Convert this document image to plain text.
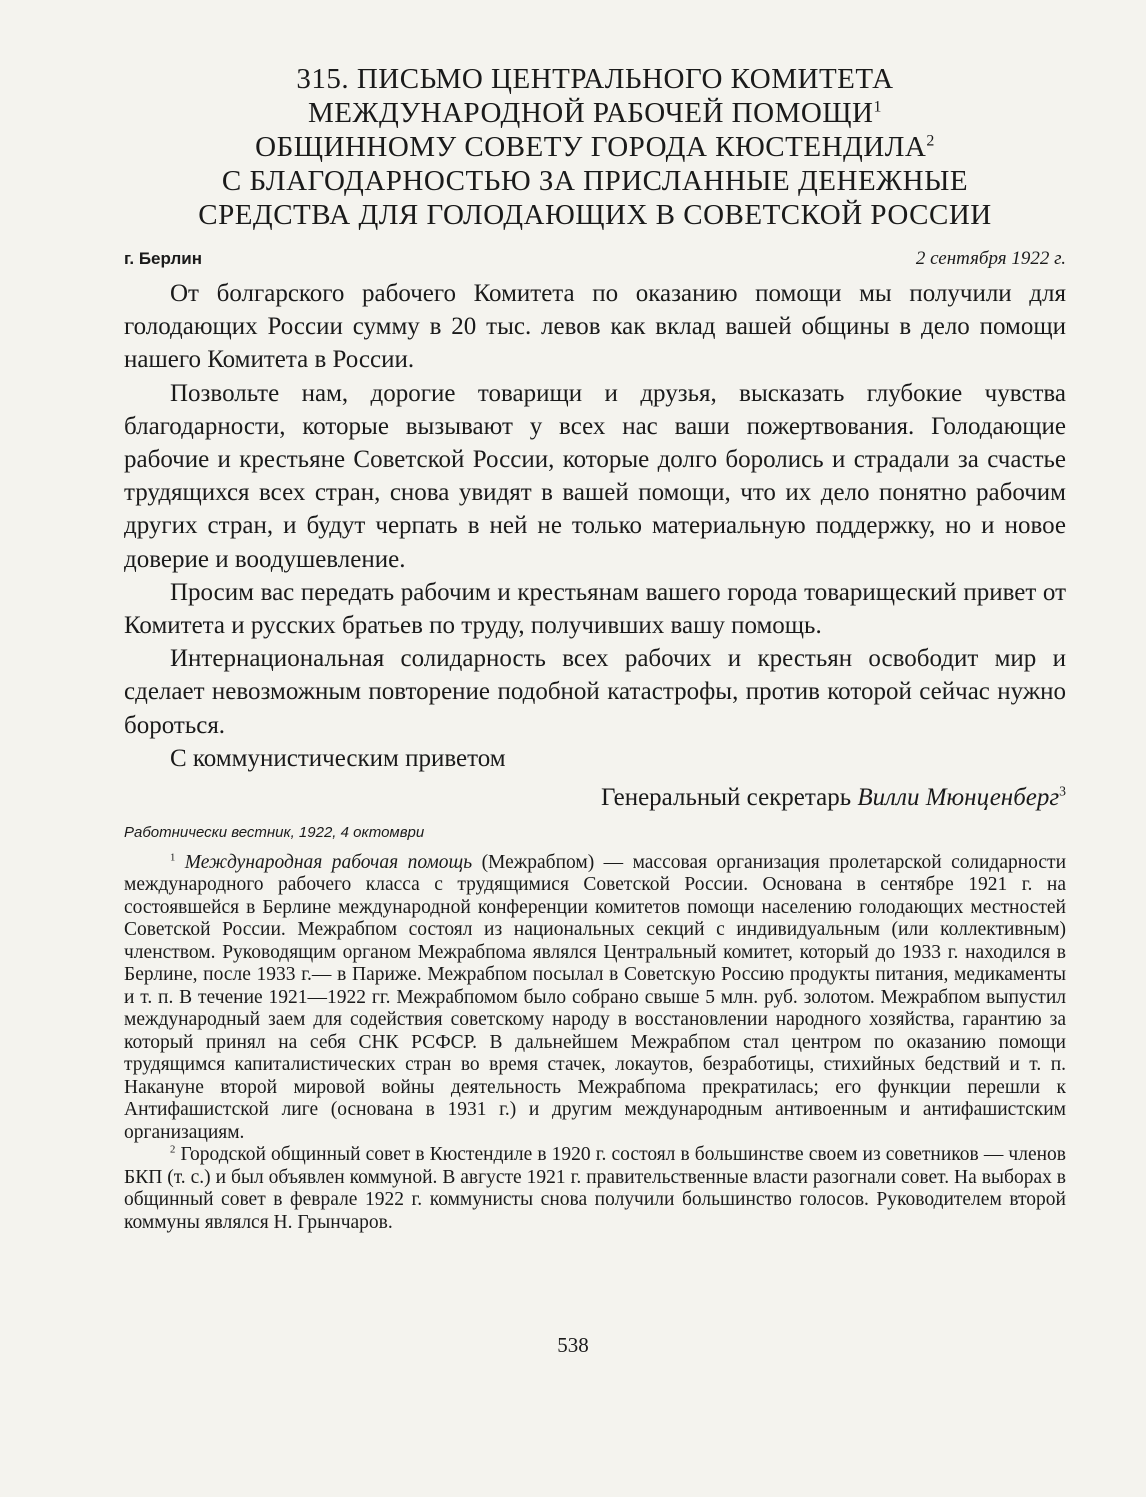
315. ПИСЬМО ЦЕНТРАЛЬНОГО КОМИТЕТА
МЕЖДУНАРОДНОЙ РАБОЧЕЙ ПОМОЩИ$^1$
ОБЩИННОМУ СОВЕТУ ГОРОДА КЮСТЕНДИЛА$^2$
С БЛАГОДАРНОСТЬЮ ЗА ПРИСЛАННЫЕ ДЕНЕЖНЫЕ
СРЕДСТВА ДЛЯ ГОЛОДАЮЩИХ В СОВЕТСКОЙ РОССИИ
г. Берлин	2 сентября 1922 г.

От болгарского рабочего Комитета по оказанию помощи мы получили для голодающих России сумму в 20 тыс. левов как вклад вашей общины в дело помощи нашего Комитета в России.

Позвольте нам, дорогие товарищи и друзья, высказать глубокие чувства благодарности, которые вызывают у всех нас ваши пожертвования. Голодающие рабочие и крестьяне Советской России, которые долго боролись и страдали за счастье трудящихся всех стран, снова увидят в вашей помощи, что их дело понятно рабочим других стран, и будут черпать в ней не только материальную поддержку, но и новое доверие и воодушевление.

Просим вас передать рабочим и крестьянам вашего города товарищеский привет от Комитета и русских братьев по труду, получивших вашу помощь.

Интернациональная солидарность всех рабочих и крестьян освободит мир и сделает невозможным повторение подобной катастрофы, против которой сейчас нужно бороться.

С коммунистическим приветом

Генеральный секретарь Вилли Мюнценберг$^3$
Работнически вестник, 1922, 4 октомври

$^1$ Международная рабочая помощь (Межрабпом) — массовая организация пролетарской солидарности международного рабочего класса с трудящимися Советской России. Основана в сентябре 1921 г. на состоявшейся в Берлине международной конференции комитетов помощи населению голодающих местностей Советской России. Межрабпом состоял из национальных секций с индивидуальным (или коллективным) членством. Руководящим органом Межрабпома являлся Центральный комитет, который до 1933 г. находился в Берлине, после 1933 г.— в Париже. Межрабпом посылал в Советскую Россию продукты питания, медикаменты и т. п. В течение 1921—1922 гг. Межрабпомом было собрано свыше 5 млн. руб. золотом. Межрабпом выпустил международный заем для содействия советскому народу в восстановлении народного хозяйства, гарантию за который принял на себя СНК РСФСР. В дальнейшем Межрабпом стал центром по оказанию помощи трудящимся капиталистических стран во время стачек, локаутов, безработицы, стихийных бедствий и т. п. Накануне второй мировой войны деятельность Межрабпома прекратилась; его функции перешли к Антифашистской лиге (основана в 1931 г.) и другим международным антивоенным и антифашистским организациям.

$^2$ Городской общинный совет в Кюстендиле в 1920 г. состоял в большинстве своем из советников — членов БКП (т. с.) и был объявлен коммуной. В августе 1921 г. правительственные власти разогнали совет. На выборах в общинный совет в феврале 1922 г. коммунисты снова получили большинство голосов. Руководителем второй коммуны являлся Н. Грынчаров.

538
